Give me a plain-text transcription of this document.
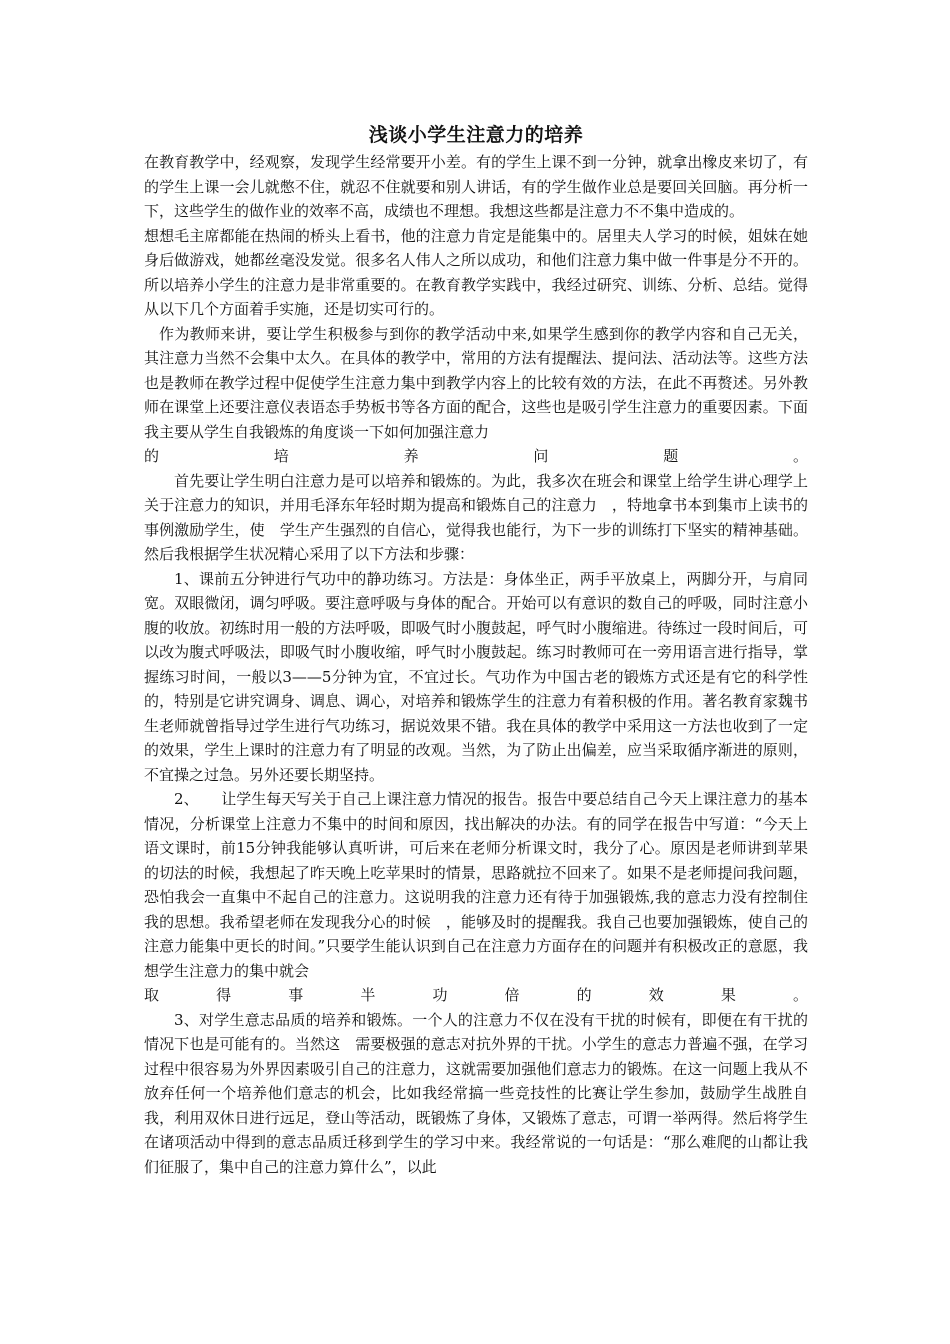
浅谈小学生注意力的培养

在教育教学中，经观察，发现学生经常要开小差。有的学生上课不到一分钟，就拿出橡皮来切了，有的学生上课一会儿就憋不住，就忍不住就要和别人讲话，有的学生做作业总是要回关回脑。再分析一下，这些学生的做作业的效率不高，成绩也不理想。我想这些都是注意力不不集中造成的。

想想毛主席都能在热闹的桥头上看书，他的注意力肯定是能集中的。居里夫人学习的时候，姐妹在她身后做游戏，她都丝毫没发觉。很多名人伟人之所以成功，和他们注意力集中做一件事是分不开的。所以培养小学生的注意力是非常重要的。在教育教学实践中，我经过研究、训练、分析、总结。觉得从以下几个方面着手实施，还是切实可行的。

作为教师来讲，要让学生积极参与到你的教学活动中来,如果学生感到你的教学内容和自己无关，其注意力当然不会集中太久。在具体的教学中，常用的方法有提醒法、提问法、活动法等。这些方法也是教师在教学过程中促使学生注意力集中到教学内容上的比较有效的方法，在此不再赘述。另外教师在课堂上还要注意仪表语态手势板书等各方面的配合，这些也是吸引学生注意力的重要因素。下面我主要从学生自我锻炼的角度谈一下如何加强注意力

的	培	养	问	题	。

首先要让学生明白注意力是可以培养和锻炼的。为此，我多次在班会和课堂上给学生讲心理学上关于注意力的知识，并用毛泽东年轻时期为提高和锻炼自己的注意力　，特地拿书本到集市上读书的事例激励学生，使　学生产生强烈的自信心，觉得我也能行，为下一步的训练打下坚实的精神基础。然后我根据学生状况精心采用了以下方法和步骤：

1、课前五分钟进行气功中的静功练习。方法是：身体坐正，两手平放桌上，两脚分开，与肩同宽。双眼微闭，调匀呼吸。要注意呼吸与身体的配合。开始可以有意识的数自己的呼吸，同时注意小腹的收放。初练时用一般的方法呼吸，即吸气时小腹鼓起，呼气时小腹缩进。待练过一段时间后，可以改为腹式呼吸法，即吸气时小腹收缩，呼气时小腹鼓起。练习时教师可在一旁用语言进行指导，掌握练习时间，一般以3——5分钟为宜，不宜过长。气功作为中国古老的锻炼方式还是有它的科学性的，特别是它讲究调身、调息、调心，对培养和锻炼学生的注意力有着积极的作用。著名教育家魏书生老师就曾指导过学生进行气功练习，据说效果不错。我在具体的教学中采用这一方法也收到了一定的效果，学生上课时的注意力有了明显的改观。当然，为了防止出偏差，应当采取循序渐进的原则，不宜操之过急。另外还要长期坚持。

2、　　让学生每天写关于自己上课注意力情况的报告。报告中要总结自己今天上课注意力的基本情况，分析课堂上注意力不集中的时间和原因，找出解决的办法。有的同学在报告中写道：“今天上语文课时，前15分钟我能够认真听讲，可后来在老师分析课文时，我分了心。原因是老师讲到苹果的切法的时候，我想起了昨天晚上吃苹果时的情景，思路就拉不回来了。如果不是老师提问我问题，恐怕我会一直集中不起自己的注意力。这说明我的注意力还有待于加强锻炼,我的意志力没有控制住我的思想。我希望老师在发现我分心的时候　，能够及时的提醒我。我自己也要加强锻炼，使自己的注意力能集中更长的时间。”只要学生能认识到自己在注意力方面存在的问题并有积极改正的意愿，我想学生注意力的集中就会

取	得	事	半	功	倍	的	效	果	。

3、对学生意志品质的培养和锻炼。一个人的注意力不仅在没有干扰的时候有，即便在有干扰的情况下也是可能有的。当然这　需要极强的意志对抗外界的干扰。小学生的意志力普遍不强，在学习过程中很容易为外界因素吸引自己的注意力，这就需要加强他们意志力的锻炼。在这一问题上我从不放弃任何一个培养他们意志的机会，比如我经常搞一些竞技性的比赛让学生参加，鼓励学生战胜自我，利用双休日进行远足，登山等活动，既锻炼了身体，又锻炼了意志，可谓一举两得。然后将学生在诸项活动中得到的意志品质迁移到学生的学习中来。我经常说的一句话是：“那么难爬的山都让我们征服了，集中自己的注意力算什么”，以此
